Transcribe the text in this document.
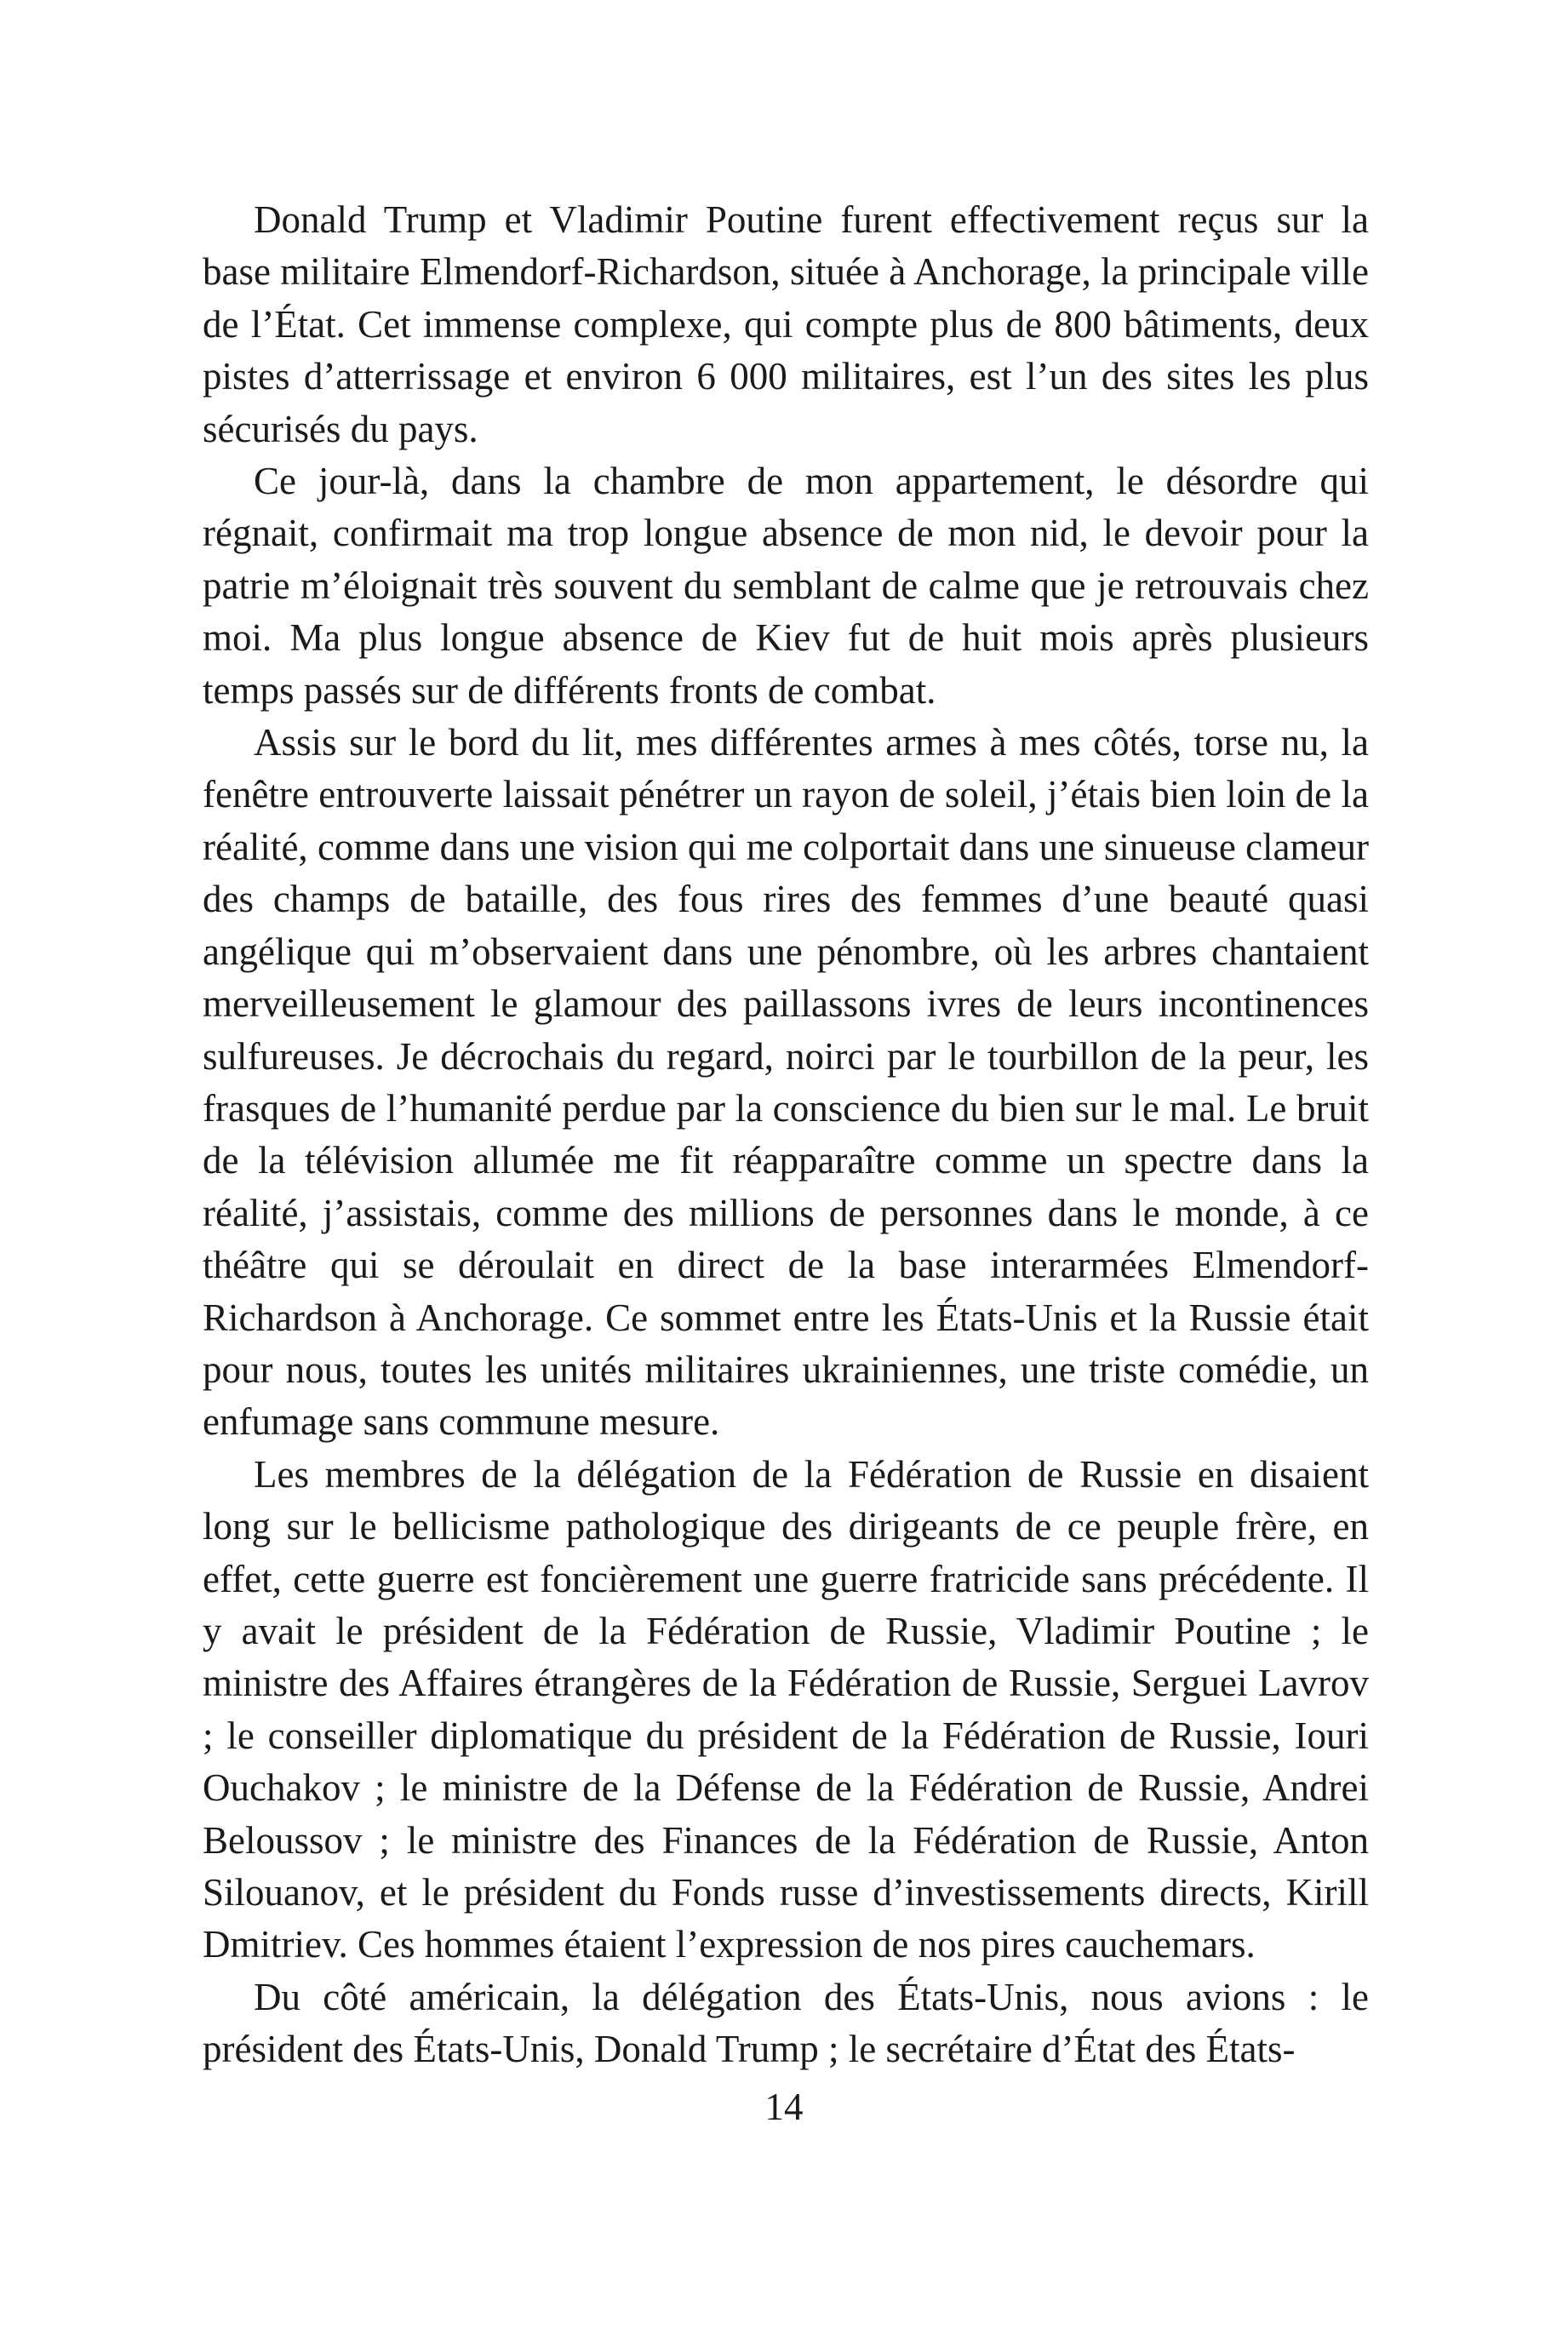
Donald Trump et Vladimir Poutine furent effectivement reçus sur la base militaire Elmendorf-Richardson, située à Anchorage, la principale ville de l’État. Cet immense complexe, qui compte plus de 800 bâtiments, deux pistes d’atterrissage et environ 6 000 militaires, est l’un des sites les plus sécurisés du pays.

Ce jour-là, dans la chambre de mon appartement, le désordre qui régnait, confirmait ma trop longue absence de mon nid, le devoir pour la patrie m’éloignait très souvent du semblant de calme que je retrouvais chez moi. Ma plus longue absence de Kiev fut de huit mois après plusieurs temps passés sur de différents fronts de combat.

Assis sur le bord du lit, mes différentes armes à mes côtés, torse nu, la fenêtre entrouverte laissait pénétrer un rayon de soleil, j’étais bien loin de la réalité, comme dans une vision qui me colportait dans une sinueuse clameur des champs de bataille, des fous rires des femmes d’une beauté quasi angélique qui m’observaient dans une pénombre, où les arbres chantaient merveilleusement le glamour des paillassons ivres de leurs incontinences sulfureuses. Je décrochais du regard, noirci par le tourbillon de la peur, les frasques de l’humanité perdue par la conscience du bien sur le mal. Le bruit de la télévision allumée me fit réapparaître comme un spectre dans la réalité, j’assistais, comme des millions de personnes dans le monde, à ce théâtre qui se déroulait en direct de la base interarmées Elmendorf-Richardson à Anchorage. Ce sommet entre les États-Unis et la Russie était pour nous, toutes les unités militaires ukrainiennes, une triste comédie, un enfumage sans commune mesure.

Les membres de la délégation de la Fédération de Russie en disaient long sur le bellicisme pathologique des dirigeants de ce peuple frère, en effet, cette guerre est foncièrement une guerre fratricide sans précédente. Il y avait le président de la Fédération de Russie, Vladimir Poutine ; le ministre des Affaires étrangères de la Fédération de Russie, Serguei Lavrov ; le conseiller diplomatique du président de la Fédération de Russie, Iouri Ouchakov ; le ministre de la Défense de la Fédération de Russie, Andrei Beloussov ; le ministre des Finances de la Fédération de Russie, Anton Silouanov, et le président du Fonds russe d’investissements directs, Kirill Dmitriev. Ces hommes étaient l’expression de nos pires cauchemars.

Du côté américain, la délégation des États-Unis, nous avions : le président des États-Unis, Donald Trump ; le secrétaire d’État des États-

14
